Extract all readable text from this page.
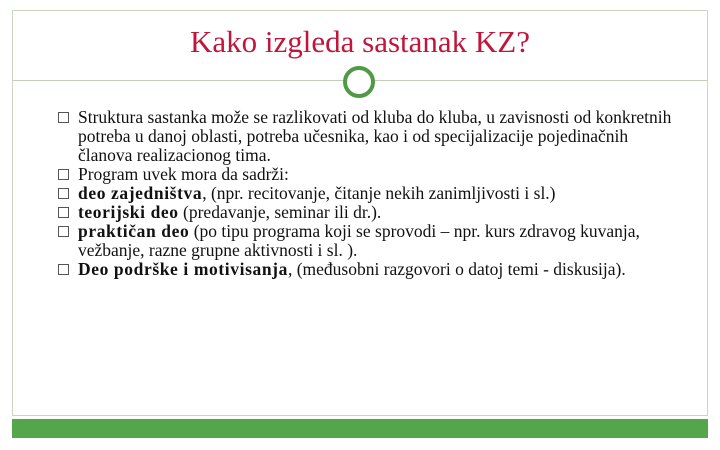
Kako izgleda sastanak KZ?

Struktura sastanka može se razlikovati od kluba do kluba, u zavisnosti od konkretnih potreba u danoj oblasti, potreba učesnika, kao i od specijalizacije pojedinačnih članova realizacionog tima.

Program uvek mora da sadrži:

deo zajedništva, (npr. recitovanje, čitanje nekih zanimljivosti i sl.)

teorijski deo (predavanje, seminar ili dr.).

praktičan deo (po tipu programa koji se sprovodi – npr. kurs zdravog kuvanja, vežbanje, razne grupne aktivnosti i sl. ).

Deo podrške i motivisanja, (međusobni razgovori o datoj temi - diskusija).
